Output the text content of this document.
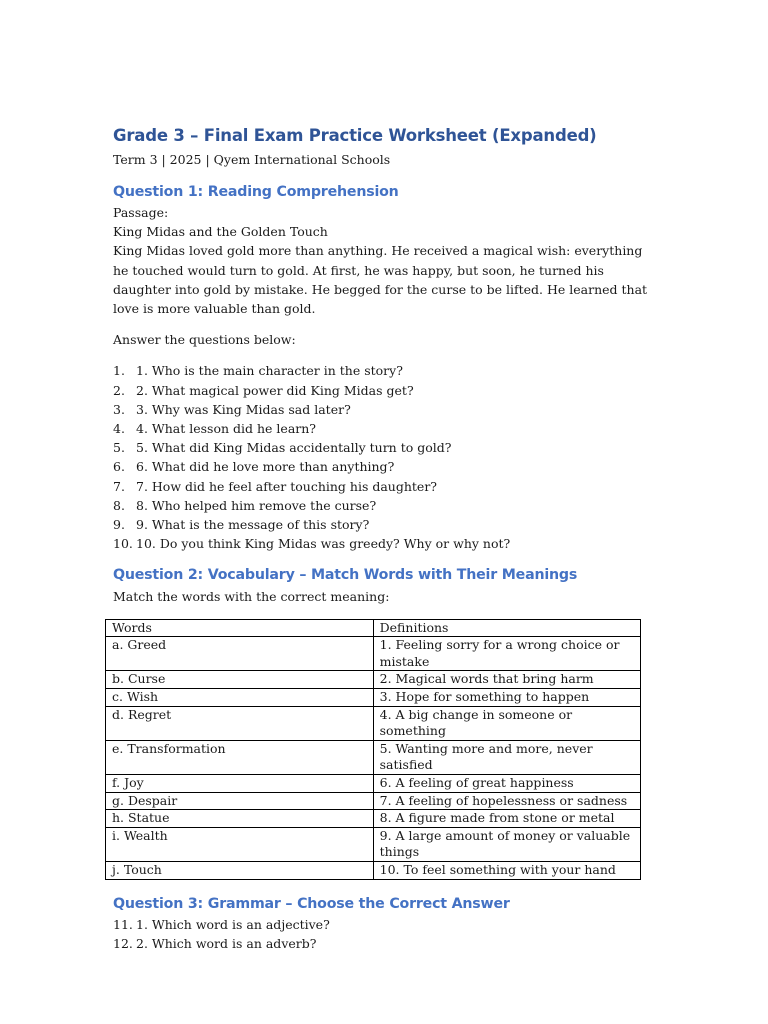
Grade 3 – Final Exam Practice Worksheet (Expanded)

Term 3 | 2025 | Qyem International Schools

Question 1: Reading Comprehension

Passage:

King Midas and the Golden Touch

King Midas loved gold more than anything. He received a magical wish: everything he touched would turn to gold. At first, he was happy, but soon, he turned his daughter into gold by mistake. He begged for the curse to be lifted. He learned that love is more valuable than gold.

Answer the questions below:

1. 1. Who is the main character in the story?
2. 2. What magical power did King Midas get?
3. 3. Why was King Midas sad later?
4. 4. What lesson did he learn?
5. 5. What did King Midas accidentally turn to gold?
6. 6. What did he love more than anything?
7. 7. How did he feel after touching his daughter?
8. 8. Who helped him remove the curse?
9. 9. What is the message of this story?
10. 10. Do you think King Midas was greedy? Why or why not?
Question 2: Vocabulary – Match Words with Their Meanings

Match the words with the correct meaning:

Words	Definitions
a. Greed	1. Feeling sorry for a wrong choice or mistake
b. Curse	2. Magical words that bring harm
c. Wish	3. Hope for something to happen
d. Regret	4. A big change in someone or something
e. Transformation	5. Wanting more and more, never satisfied
f. Joy	6. A feeling of great happiness
g. Despair	7. A feeling of hopelessness or sadness
h. Statue	8. A figure made from stone or metal
i. Wealth	9. A large amount of money or valuable things
j. Touch	10. To feel something with your hand
Question 3: Grammar – Choose the Correct Answer
11. 1. Which word is an adjective?
12. 2. Which word is an adverb?
